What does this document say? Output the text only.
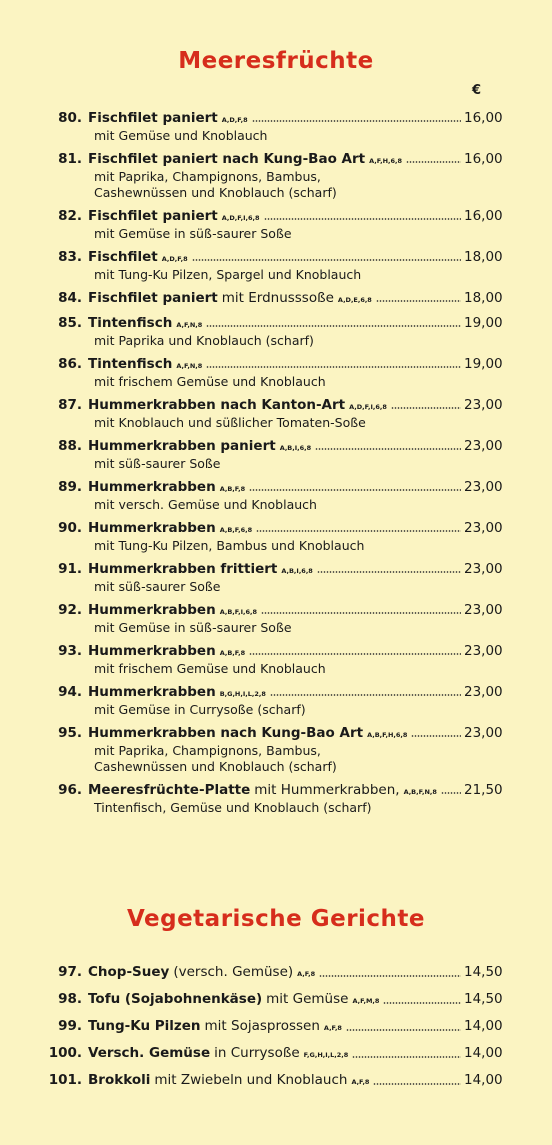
Meeresfrüchte
€
80. Fischfilet paniert A,D,F,8	16,00
mit Gemüse und Knoblauch
81. Fischfilet paniert nach Kung-Bao Art A,F,H,6,8	16,00
mit Paprika, Champignons, Bambus,
Cashewnüssen und Knoblauch (scharf)
82. Fischfilet paniert A,D,F,I,6,8	16,00
mit Gemüse in süß-saurer Soße
83. Fischfilet A,D,F,8	18,00
mit Tung-Ku Pilzen, Spargel und Knoblauch
84. Fischfilet paniert mit Erdnusssoße A,D,E,6,8	18,00
85. Tintenfisch A,F,N,8	19,00
mit Paprika und Knoblauch (scharf)
86. Tintenfisch A,F,N,8	19,00
mit frischem Gemüse und Knoblauch
87. Hummerkrabben nach Kanton-Art A,D,F,I,6,8	23,00
mit Knoblauch und süßlicher Tomaten-Soße
88. Hummerkrabben paniert A,B,I,6,8	23,00
mit süß-saurer Soße
89. Hummerkrabben A,B,F,8	23,00
mit versch. Gemüse und Knoblauch
90. Hummerkrabben A,B,F,6,8	23,00
mit Tung-Ku Pilzen, Bambus und Knoblauch
91. Hummerkrabben frittiert A,B,I,6,8	23,00
mit süß-saurer Soße
92. Hummerkrabben A,B,F,I,6,8	23,00
mit Gemüse in süß-saurer Soße
93. Hummerkrabben A,B,F,8	23,00
mit frischem Gemüse und Knoblauch
94. Hummerkrabben B,G,H,I,L,2,8	23,00
mit Gemüse in Currysoße (scharf)
95. Hummerkrabben nach Kung-Bao Art A,B,F,H,6,8	23,00
mit Paprika, Champignons, Bambus,
Cashewnüssen und Knoblauch (scharf)
96. Meeresfrüchte-Platte mit Hummerkrabben, A,B,F,N,8 21,50
Tintenfisch, Gemüse und Knoblauch (scharf)
Vegetarische Gerichte
97. Chop-Suey (versch. Gemüse) A,F,8	14,50
98. Tofu (Sojabohnenkäse) mit Gemüse A,F,M,8	14,50
99. Tung-Ku Pilzen mit Sojasprossen A,F,8	14,00
100. Versch. Gemüse in Currysoße F,G,H,I,L,2,8	14,00
101. Brokkoli mit Zwiebeln und Knoblauch A,F,8	14,00
